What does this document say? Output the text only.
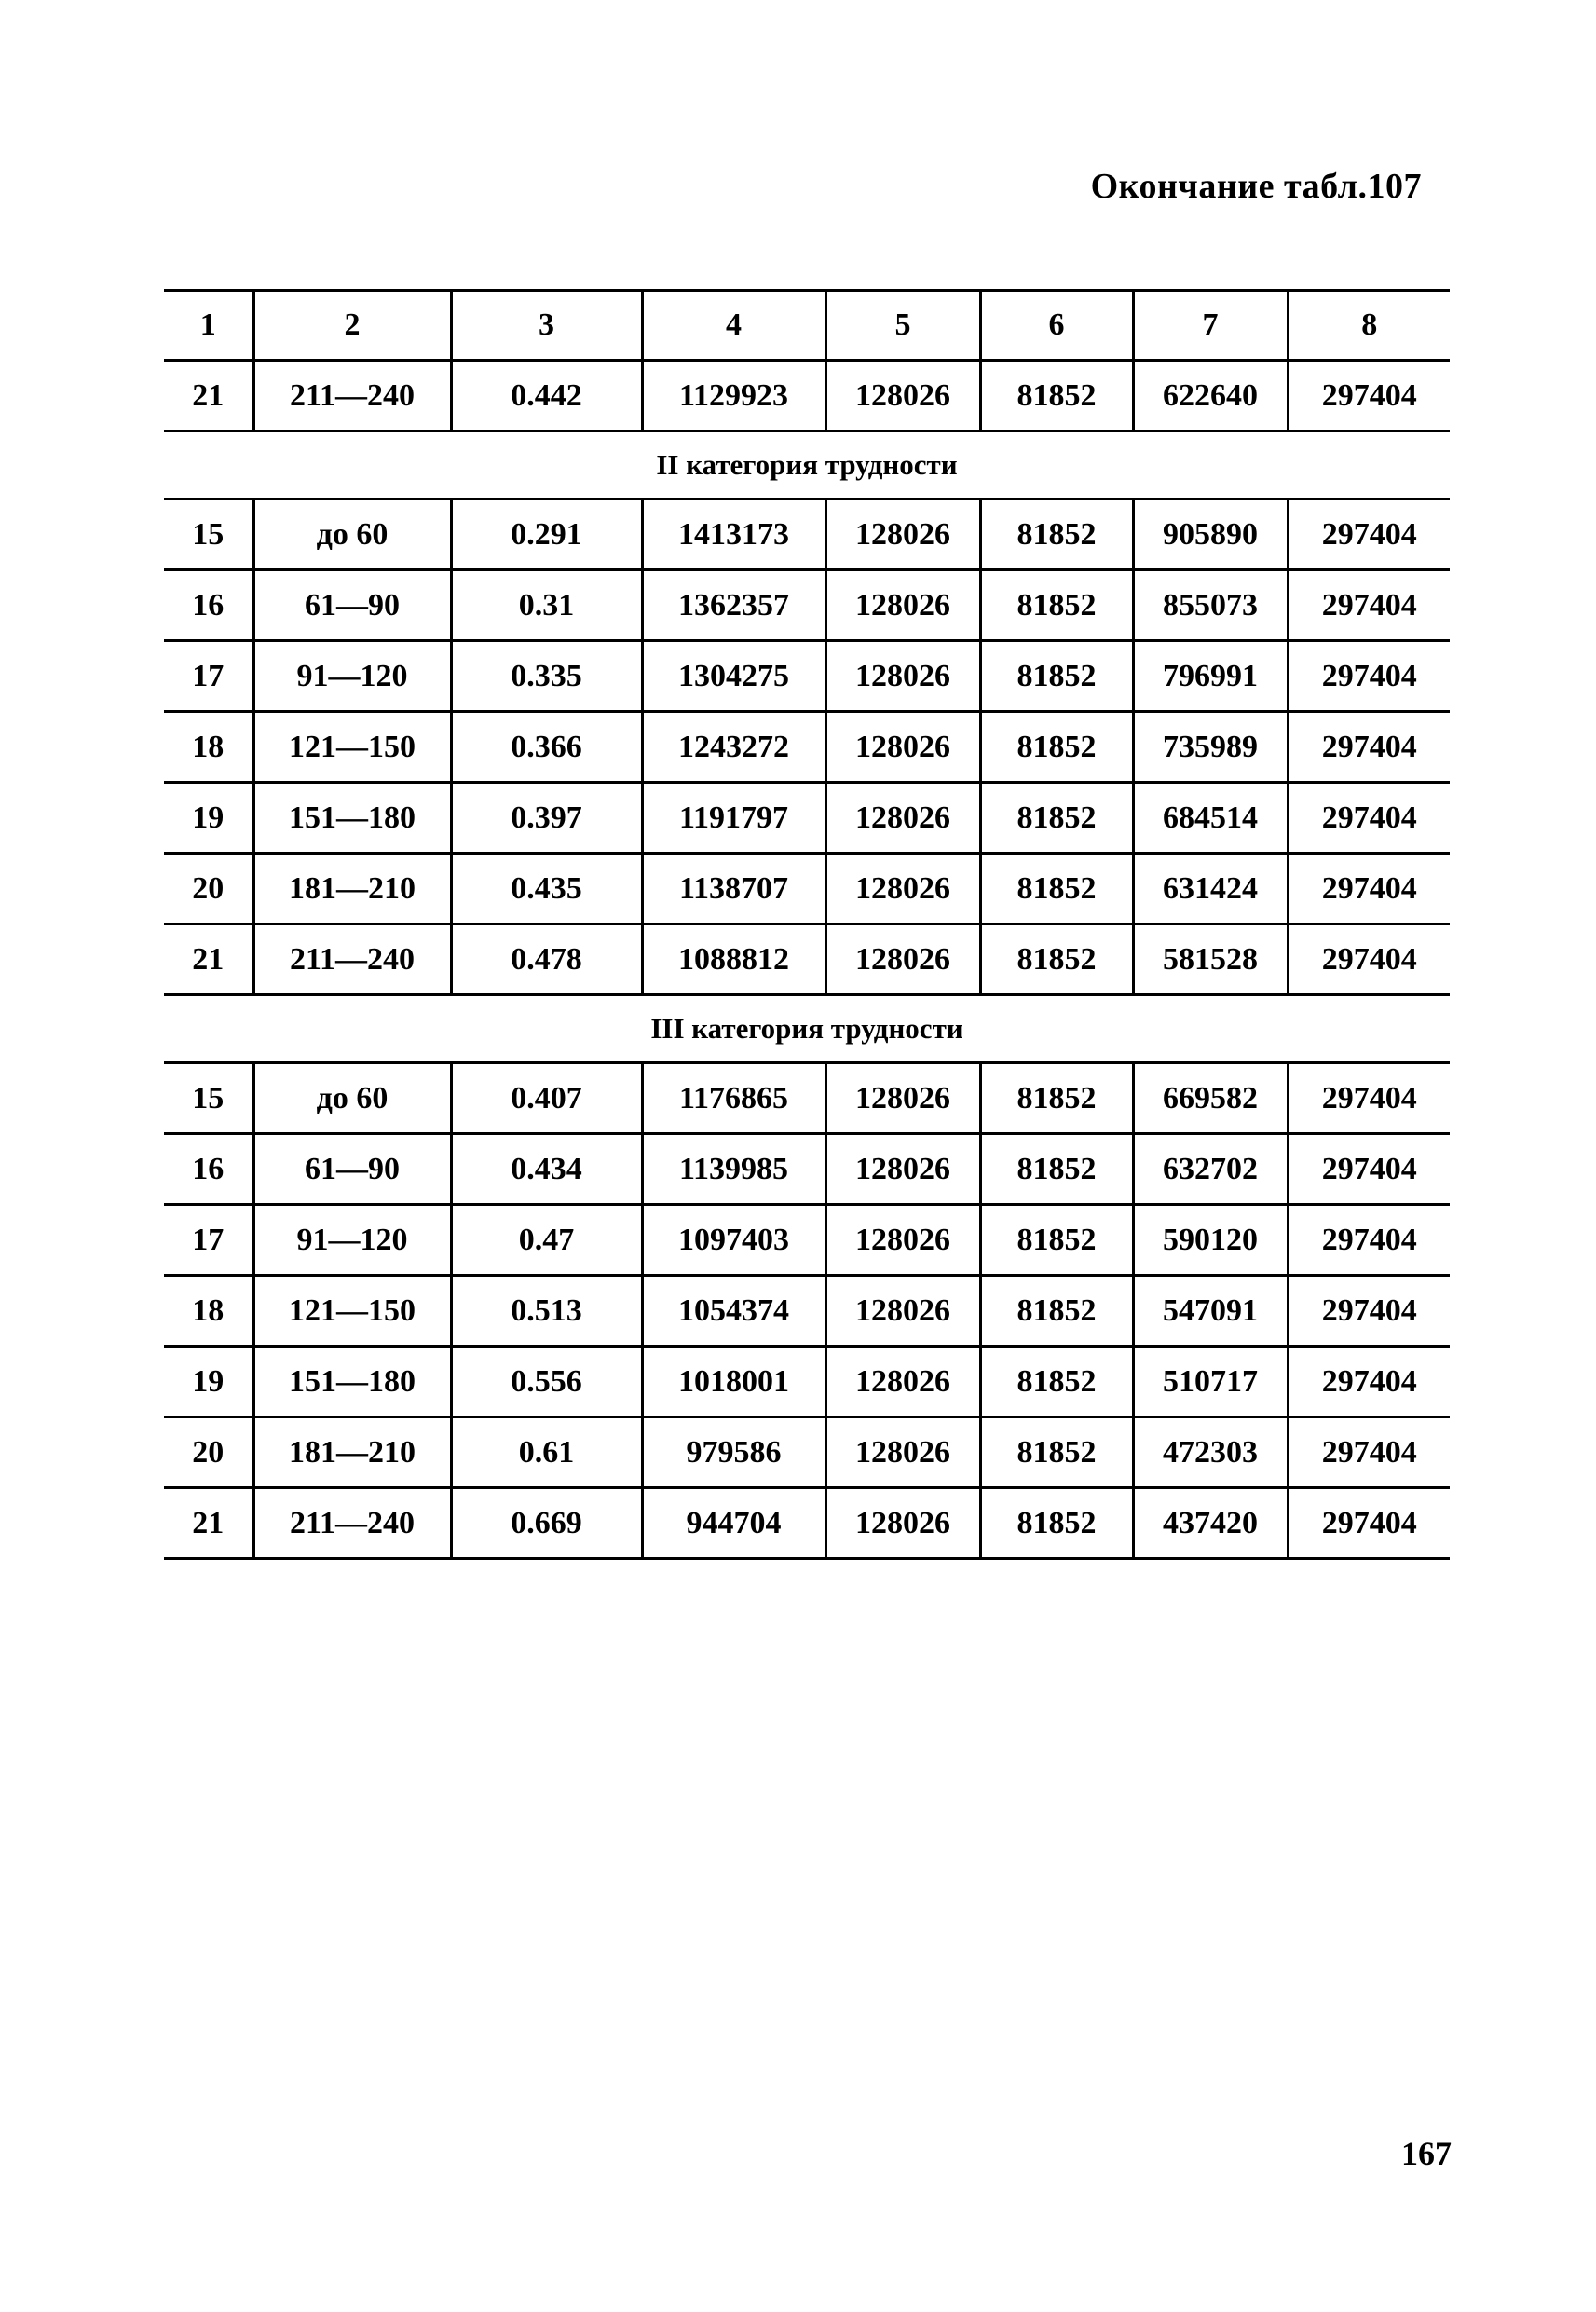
Окончание табл.107
1	2	3	4	5	6	7	8
21	211—240	0.442	1129923	128026	81852	622640	297404
II категория трудности							
15	до 60	0.291	1413173	128026	81852	905890	297404
16	61—90	0.31	1362357	128026	81852	855073	297404
17	91—120	0.335	1304275	128026	81852	796991	297404
18	121—150	0.366	1243272	128026	81852	735989	297404
19	151—180	0.397	1191797	128026	81852	684514	297404
20	181—210	0.435	1138707	128026	81852	631424	297404
21	211—240	0.478	1088812	128026	81852	581528	297404
III категория трудности							
15	до 60	0.407	1176865	128026	81852	669582	297404
16	61—90	0.434	1139985	128026	81852	632702	297404
17	91—120	0.47	1097403	128026	81852	590120	297404
18	121—150	0.513	1054374	128026	81852	547091	297404
19	151—180	0.556	1018001	128026	81852	510717	297404
20	181—210	0.61	979586	128026	81852	472303	297404
21	211—240	0.669	944704	128026	81852	437420	297404
167
